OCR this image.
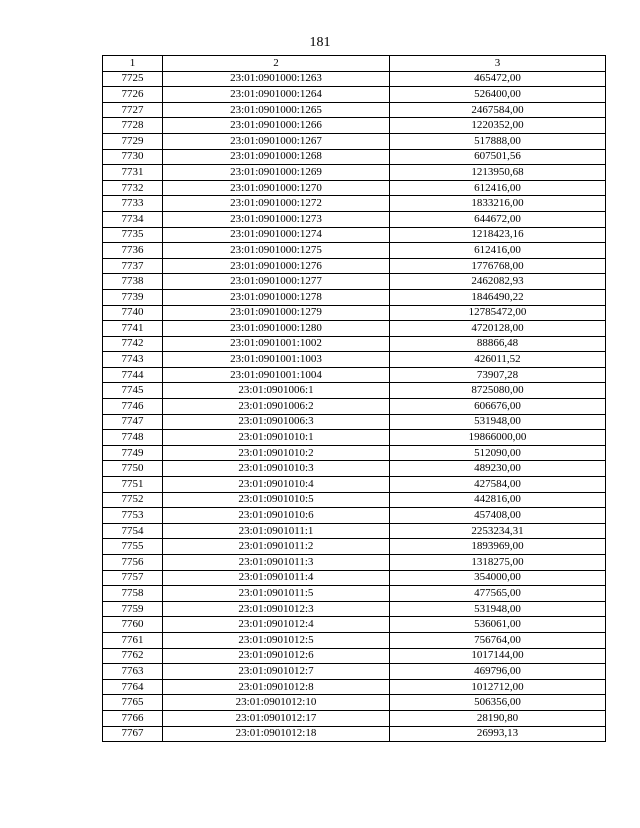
181
1	2	3
7725	23:01:0901000:1263	465472,00
7726	23:01:0901000:1264	526400,00
7727	23:01:0901000:1265	2467584,00
7728	23:01:0901000:1266	1220352,00
7729	23:01:0901000:1267	517888,00
7730	23:01:0901000:1268	607501,56
7731	23:01:0901000:1269	1213950,68
7732	23:01:0901000:1270	612416,00
7733	23:01:0901000:1272	1833216,00
7734	23:01:0901000:1273	644672,00
7735	23:01:0901000:1274	1218423,16
7736	23:01:0901000:1275	612416,00
7737	23:01:0901000:1276	1776768,00
7738	23:01:0901000:1277	2462082,93
7739	23:01:0901000:1278	1846490,22
7740	23:01:0901000:1279	12785472,00
7741	23:01:0901000:1280	4720128,00
7742	23:01:0901001:1002	88866,48
7743	23:01:0901001:1003	426011,52
7744	23:01:0901001:1004	73907,28
7745	23:01:0901006:1	8725080,00
7746	23:01:0901006:2	606676,00
7747	23:01:0901006:3	531948,00
7748	23:01:0901010:1	19866000,00
7749	23:01:0901010:2	512090,00
7750	23:01:0901010:3	489230,00
7751	23:01:0901010:4	427584,00
7752	23:01:0901010:5	442816,00
7753	23:01:0901010:6	457408,00
7754	23:01:0901011:1	2253234,31
7755	23:01:0901011:2	1893969,00
7756	23:01:0901011:3	1318275,00
7757	23:01:0901011:4	354000,00
7758	23:01:0901011:5	477565,00
7759	23:01:0901012:3	531948,00
7760	23:01:0901012:4	536061,00
7761	23:01:0901012:5	756764,00
7762	23:01:0901012:6	1017144,00
7763	23:01:0901012:7	469796,00
7764	23:01:0901012:8	1012712,00
7765	23:01:0901012:10	506356,00
7766	23:01:0901012:17	28190,80
7767	23:01:0901012:18	26993,13
